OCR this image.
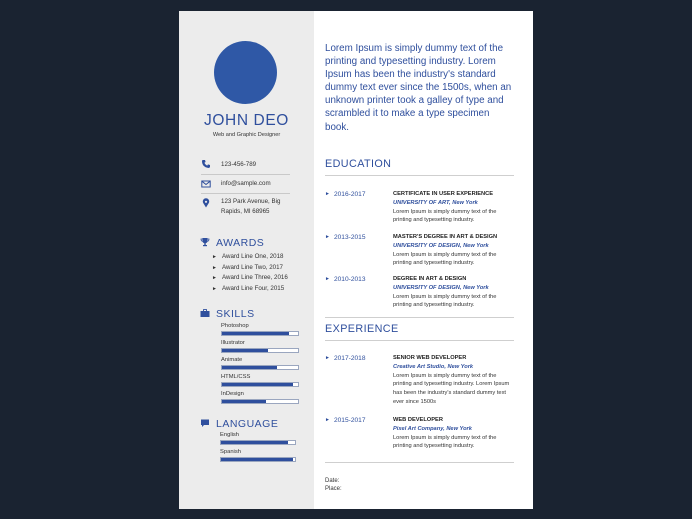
JOHN DEO
Web and Graphic Designer
123-456-789
info@sample.com
123 Park Avenue, Big Rapids, MI 68965
AWARDS
► Award Line One, 2018
► Award Line Two, 2017
► Award Line Three, 2016
► Award Line Four, 2015
SKILLS
Photoshop
Illustrator
Animate
HTML/CSS
InDesign
LANGUAGE
English
Spanish
Lorem Ipsum is simply dummy text of the printing and typesetting industry. Lorem Ipsum has been the industry's standard dummy text ever since the 1500s, when an unknown printer took a galley of type and scrambled it to make a type specimen book.
EDUCATION
► 2016-2017	CERTIFICATE IN USER EXPERIENCE
UNIVERSITY OF ART, New York
Lorem Ipsum is simply dummy text of the printing and typesetting industry.
► 2013-2015	MASTER'S DEGREE IN ART & DESIGN
UNIVERSITY OF DESIGN, New York
Lorem Ipsum is simply dummy text of the printing and typesetting industry.
► 2010-2013	DEGREE IN ART & DESIGN
UNIVERSITY OF DESIGN, New York
Lorem Ipsum is simply dummy text of the printing and typesetting industry.
EXPERIENCE
► 2017-2018	SENIOR WEB DEVELOPER
Creative Art Studio, New York
Lorem Ipsum is simply dummy text of the printing and typesetting industry. Lorem Ipsum has been the industry's standard dummy text ever since 1500s
► 2015-2017	WEB DEVELOPER
Pixel Art Company, New York
Lorem Ipsum is simply dummy text of the printing and typesetting industry.
Date:
Place:
